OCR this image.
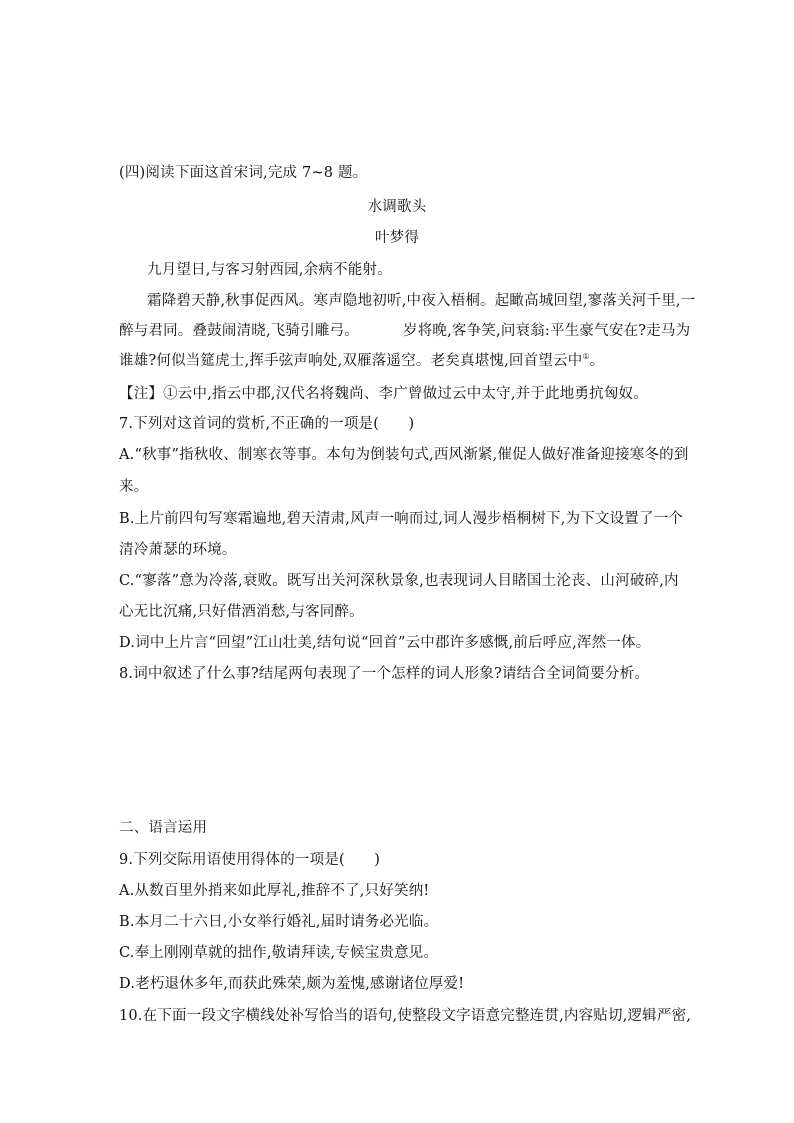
(四)阅读下面这首宋词,完成 7~8 题。
水调歌头
叶梦得
九月望日,与客习射西园,余病不能射。
霜降碧天静,秋事促西风。寒声隐地初听,中夜入梧桐。起瞰高城回望,寥落关河千里,一
醉与君同。叠鼓闹清晓,飞骑引雕弓。	岁将晚,客争笑,问衰翁:平生豪气安在?走马为
谁雄?何似当筵虎士,挥手弦声响处,双雁落遥空。老矣真堪愧,回首望云中①。
【注】①云中,指云中郡,汉代名将魏尚、李广曾做过云中太守,并于此地勇抗匈奴。
7.下列对这首词的赏析,不正确的一项是(　　)
A.“秋事”指秋收、制寒衣等事。本句为倒装句式,西风渐紧,催促人做好准备迎接寒冬的到
来。
B.上片前四句写寒霜遍地,碧天清肃,风声一响而过,词人漫步梧桐树下,为下文设置了一个
清冷萧瑟的环境。
C.“寥落”意为冷落,衰败。既写出关河深秋景象,也表现词人目睹国土沦丧、山河破碎,内
心无比沉痛,只好借酒消愁,与客同醉。
D.词中上片言“回望”江山壮美,结句说“回首”云中郡许多感慨,前后呼应,浑然一体。
8.词中叙述了什么事?结尾两句表现了一个怎样的词人形象?请结合全词简要分析。
二、语言运用
9.下列交际用语使用得体的一项是(　　)
A.从数百里外捎来如此厚礼,推辞不了,只好笑纳!
B.本月二十六日,小女举行婚礼,届时请务必光临。
C.奉上刚刚草就的拙作,敬请拜读,专候宝贵意见。
D.老朽退休多年,而获此殊荣,颇为羞愧,感谢诸位厚爱!
10.在下面一段文字横线处补写恰当的语句,使整段文字语意完整连贯,内容贴切,逻辑严密,
